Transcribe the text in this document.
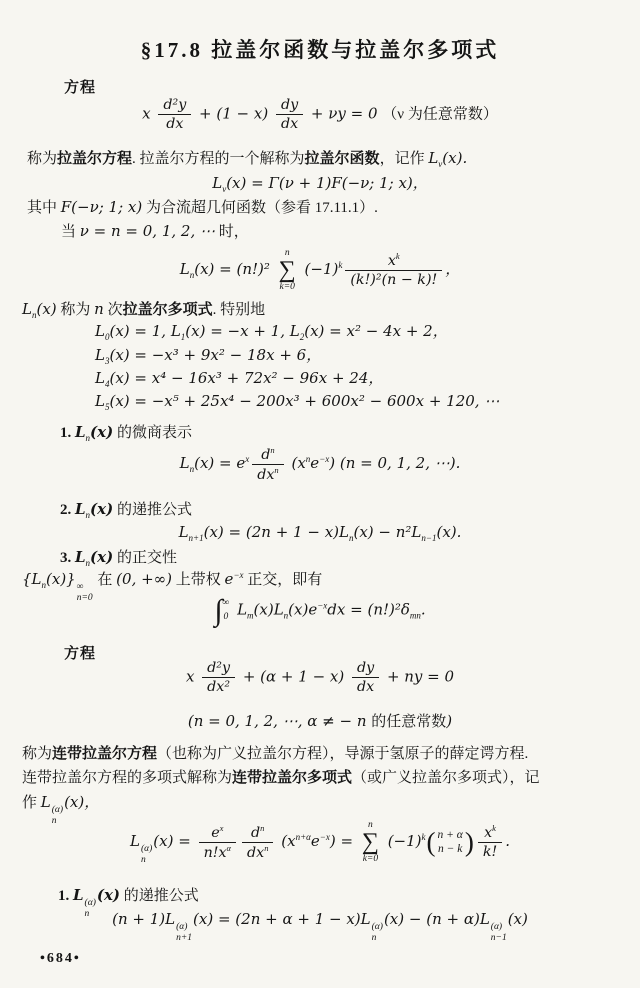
§17.8 拉盖尔函数与拉盖尔多项式
方程
x $\frac{\text{d²y}}{dx} + (1 - x) \frac{dy}{dx} + \nu y = 0$ （ν 为任意常数）
称为拉盖尔方程. 拉盖尔方程的一个解称为拉盖尔函数，记作 $L_\nu(x)$.
$L_\nu(x) = \Gamma(\nu + 1)F(-\nu$; 1; x)，
其中 F(−ν; 1; x) 为合流超几何函数（参看 17.11.1）.
当 ν = n = 0, 1, 2, ⋯ 时，
$L_n(x) = (n!)^2$
n
∑
k=0
$(-1)^k \frac{x^k}{\text{(k!)²(n − k)!}}$ ，
$L_n(x)$ 称为 n 次拉盖尔多项式. 特别地
$L_0(x) = 1$, $L_1(x) = -x + 1$, $L_2(x) = x^2 - 4x + 2$，
$L_3(x) = -x^3 + 9x^2 - 18x + 6$，
$L_4(x) = x^4 - 16x^3 + 72x^2 - 96x + 24$，
$L_5(x) = -x^5 + 25x^4 - 200x^3 + 600x^2 - 600x + 120$, ⋯
1. $L_n(x)$ 的微商表示
$L_n(x) = e^x$ $d^n$
$dx^n$ $(x^ne^{-x}) (n = 0$, 1, 2, ⋯).
2. $L_n(x)$ 的递推公式
$L_{n+1}(x) = (2n + 1 - x)L_n(x) - n^2L_{n-1}(x)$.
3. $L_n(x)$ 的正交性
$\{L_n(x)\}$ ∞
n=0
在 (0, +∞) 上带权 $e^{-x}$ 正交，即有
∫ ∞
0 $L_m(x)L_n(x)e^{-x}dx = (n!)^2\delta_{mn}$.
方程
x $\frac{\text{d²y}}{\text{dx²}} + (\alpha + 1 - x) \frac{dy}{dx}$ + ny = 0
(n = 0, 1, 2, ⋯, α ≠ − n 的任意常数)
称为连带拉盖尔方程（也称为广义拉盖尔方程），导源于氢原子的薛定谔方程.
连带拉盖尔方程的多项式解称为连带拉盖尔多项式（或广义拉盖尔多项式），记
作 L (α)
n
(x)，
L (α)
n
$(x) = \frac{e^x}{n!x^\alpha}$	$d^n$
$dx^n$ $(x^{n+\alpha}e^{-x})$ =
n
∑
k=0
$(-1)^k$ ( n + α
n − k ) $\frac{x^k}{k!}$ .
1. L (α)
n
(x) 的递推公式
(n + 1)L (α)
n+1
(x) = (2n + α + 1 − x)L (α)
n
(x) − (n + α)L (α)
n−1
(x)
•684•
